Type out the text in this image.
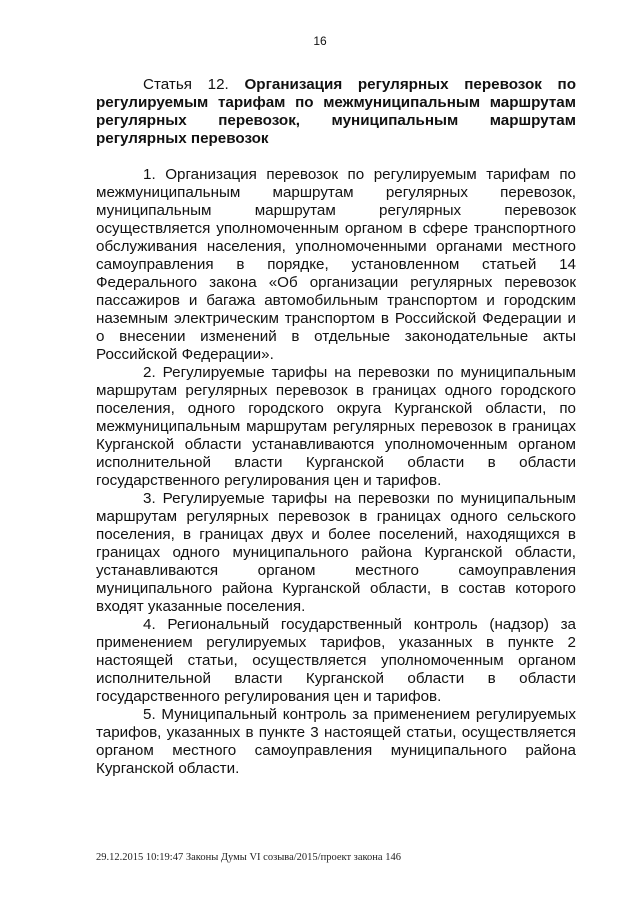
16

Статья 12. Организация регулярных перевозок по регулируемым тарифам по межмуниципальным маршрутам регулярных перевозок, муниципальным маршрутам регулярных перевозок

1. Организация перевозок по регулируемым тарифам по межмуниципальным маршрутам регулярных перевозок, муниципальным маршрутам регулярных перевозок осуществляется уполномоченным органом в сфере транспортного обслуживания населения, уполномоченными органами местного самоуправления в порядке, установленном статьей 14 Федерального закона «Об организации регулярных перевозок пассажиров и багажа автомобильным транспортом и городским наземным электрическим транспортом в Российской Федерации и о внесении изменений в отдельные законодательные акты Российской Федерации».

2. Регулируемые тарифы на перевозки по муниципальным маршрутам регулярных перевозок в границах одного городского поселения, одного городского округа Курганской области, по межмуниципальным маршрутам регулярных перевозок в границах Курганской области устанавливаются уполномоченным органом исполнительной власти Курганской области в области государственного регулирования цен и тарифов.

3. Регулируемые тарифы на перевозки по муниципальным маршрутам регулярных перевозок в границах одного сельского поселения, в границах двух и более поселений, находящихся в границах одного муниципального района Курганской области, устанавливаются органом местного самоуправления муниципального района Курганской области, в состав которого входят указанные поселения.

4. Региональный государственный контроль (надзор) за применением регулируемых тарифов, указанных в пункте 2 настоящей статьи, осуществляется уполномоченным органом исполнительной власти Курганской области в области государственного регулирования цен и тарифов.

5. Муниципальный контроль за применением регулируемых тарифов, указанных в пункте 3 настоящей статьи, осуществляется органом местного самоуправления муниципального района Курганской области.

29.12.2015 10:19:47 Законы Думы VI созыва/2015/проект закона 146
